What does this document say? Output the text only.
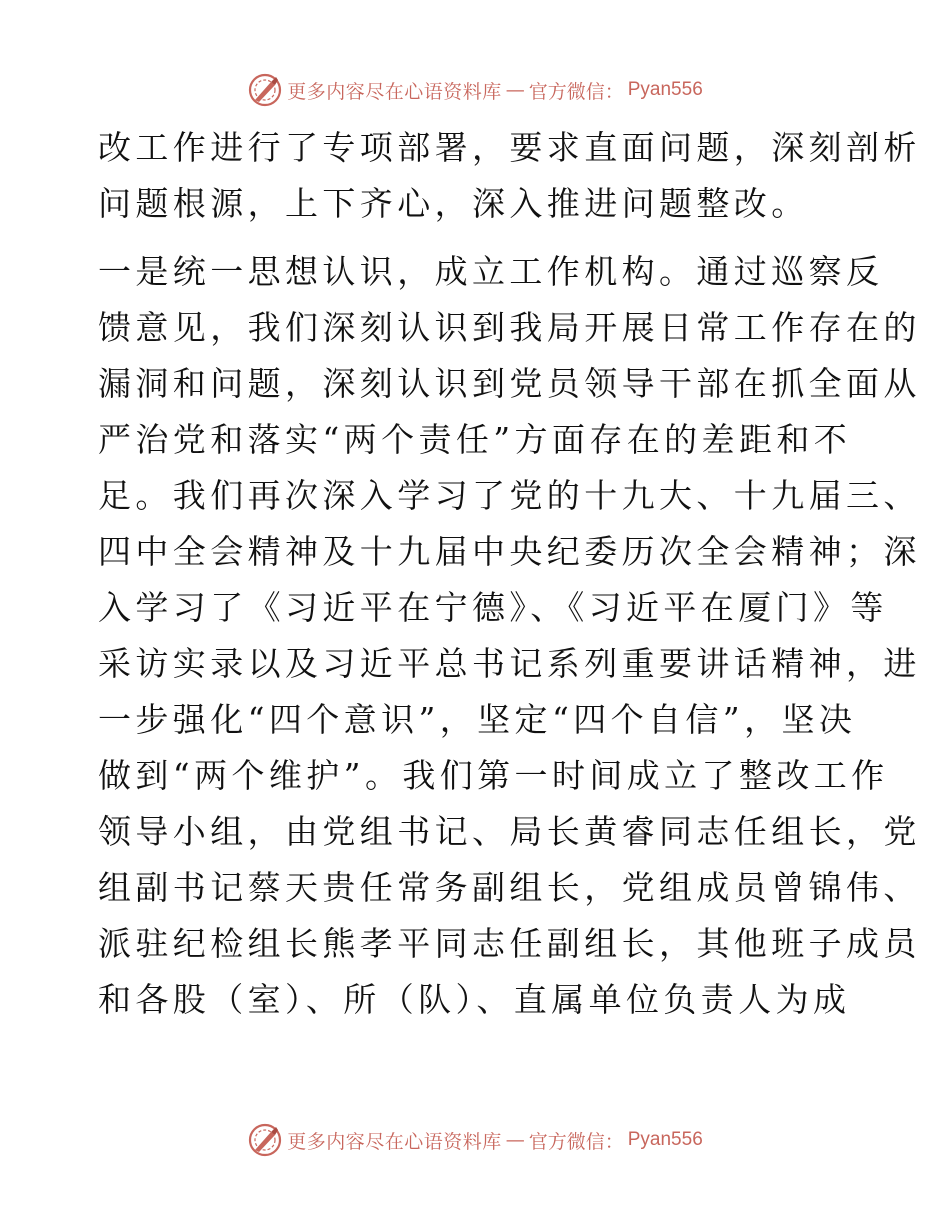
更多内容尽在心语资料库 — 官方微信： Pyan556
改工作进行了专项部署，要求直面问题，深刻剖析
问题根源，上下齐心，深入推进问题整改。
一是统一思想认识，成立工作机构。通过巡察反
馈意见，我们深刻认识到我局开展日常工作存在的
漏洞和问题，深刻认识到党员领导干部在抓全面从
严治党和落实“两个责任”方面存在的差距和不
足。我们再次深入学习了党的十九大、十九届三、
四中全会精神及十九届中央纪委历次全会精神；深
入学习了《习近平在宁德》、《习近平在厦门》等
采访实录以及习近平总书记系列重要讲话精神，进
一步强化“四个意识”，坚定“四个自信”，坚决
做到“两个维护”。我们第一时间成立了整改工作
领导小组，由党组书记、局长黄睿同志任组长，党
组副书记蔡天贵任常务副组长，党组成员曾锦伟、
派驻纪检组长熊孝平同志任副组长，其他班子成员
和各股（室）、所（队）、直属单位负责人为成
更多内容尽在心语资料库 — 官方微信： Pyan556
